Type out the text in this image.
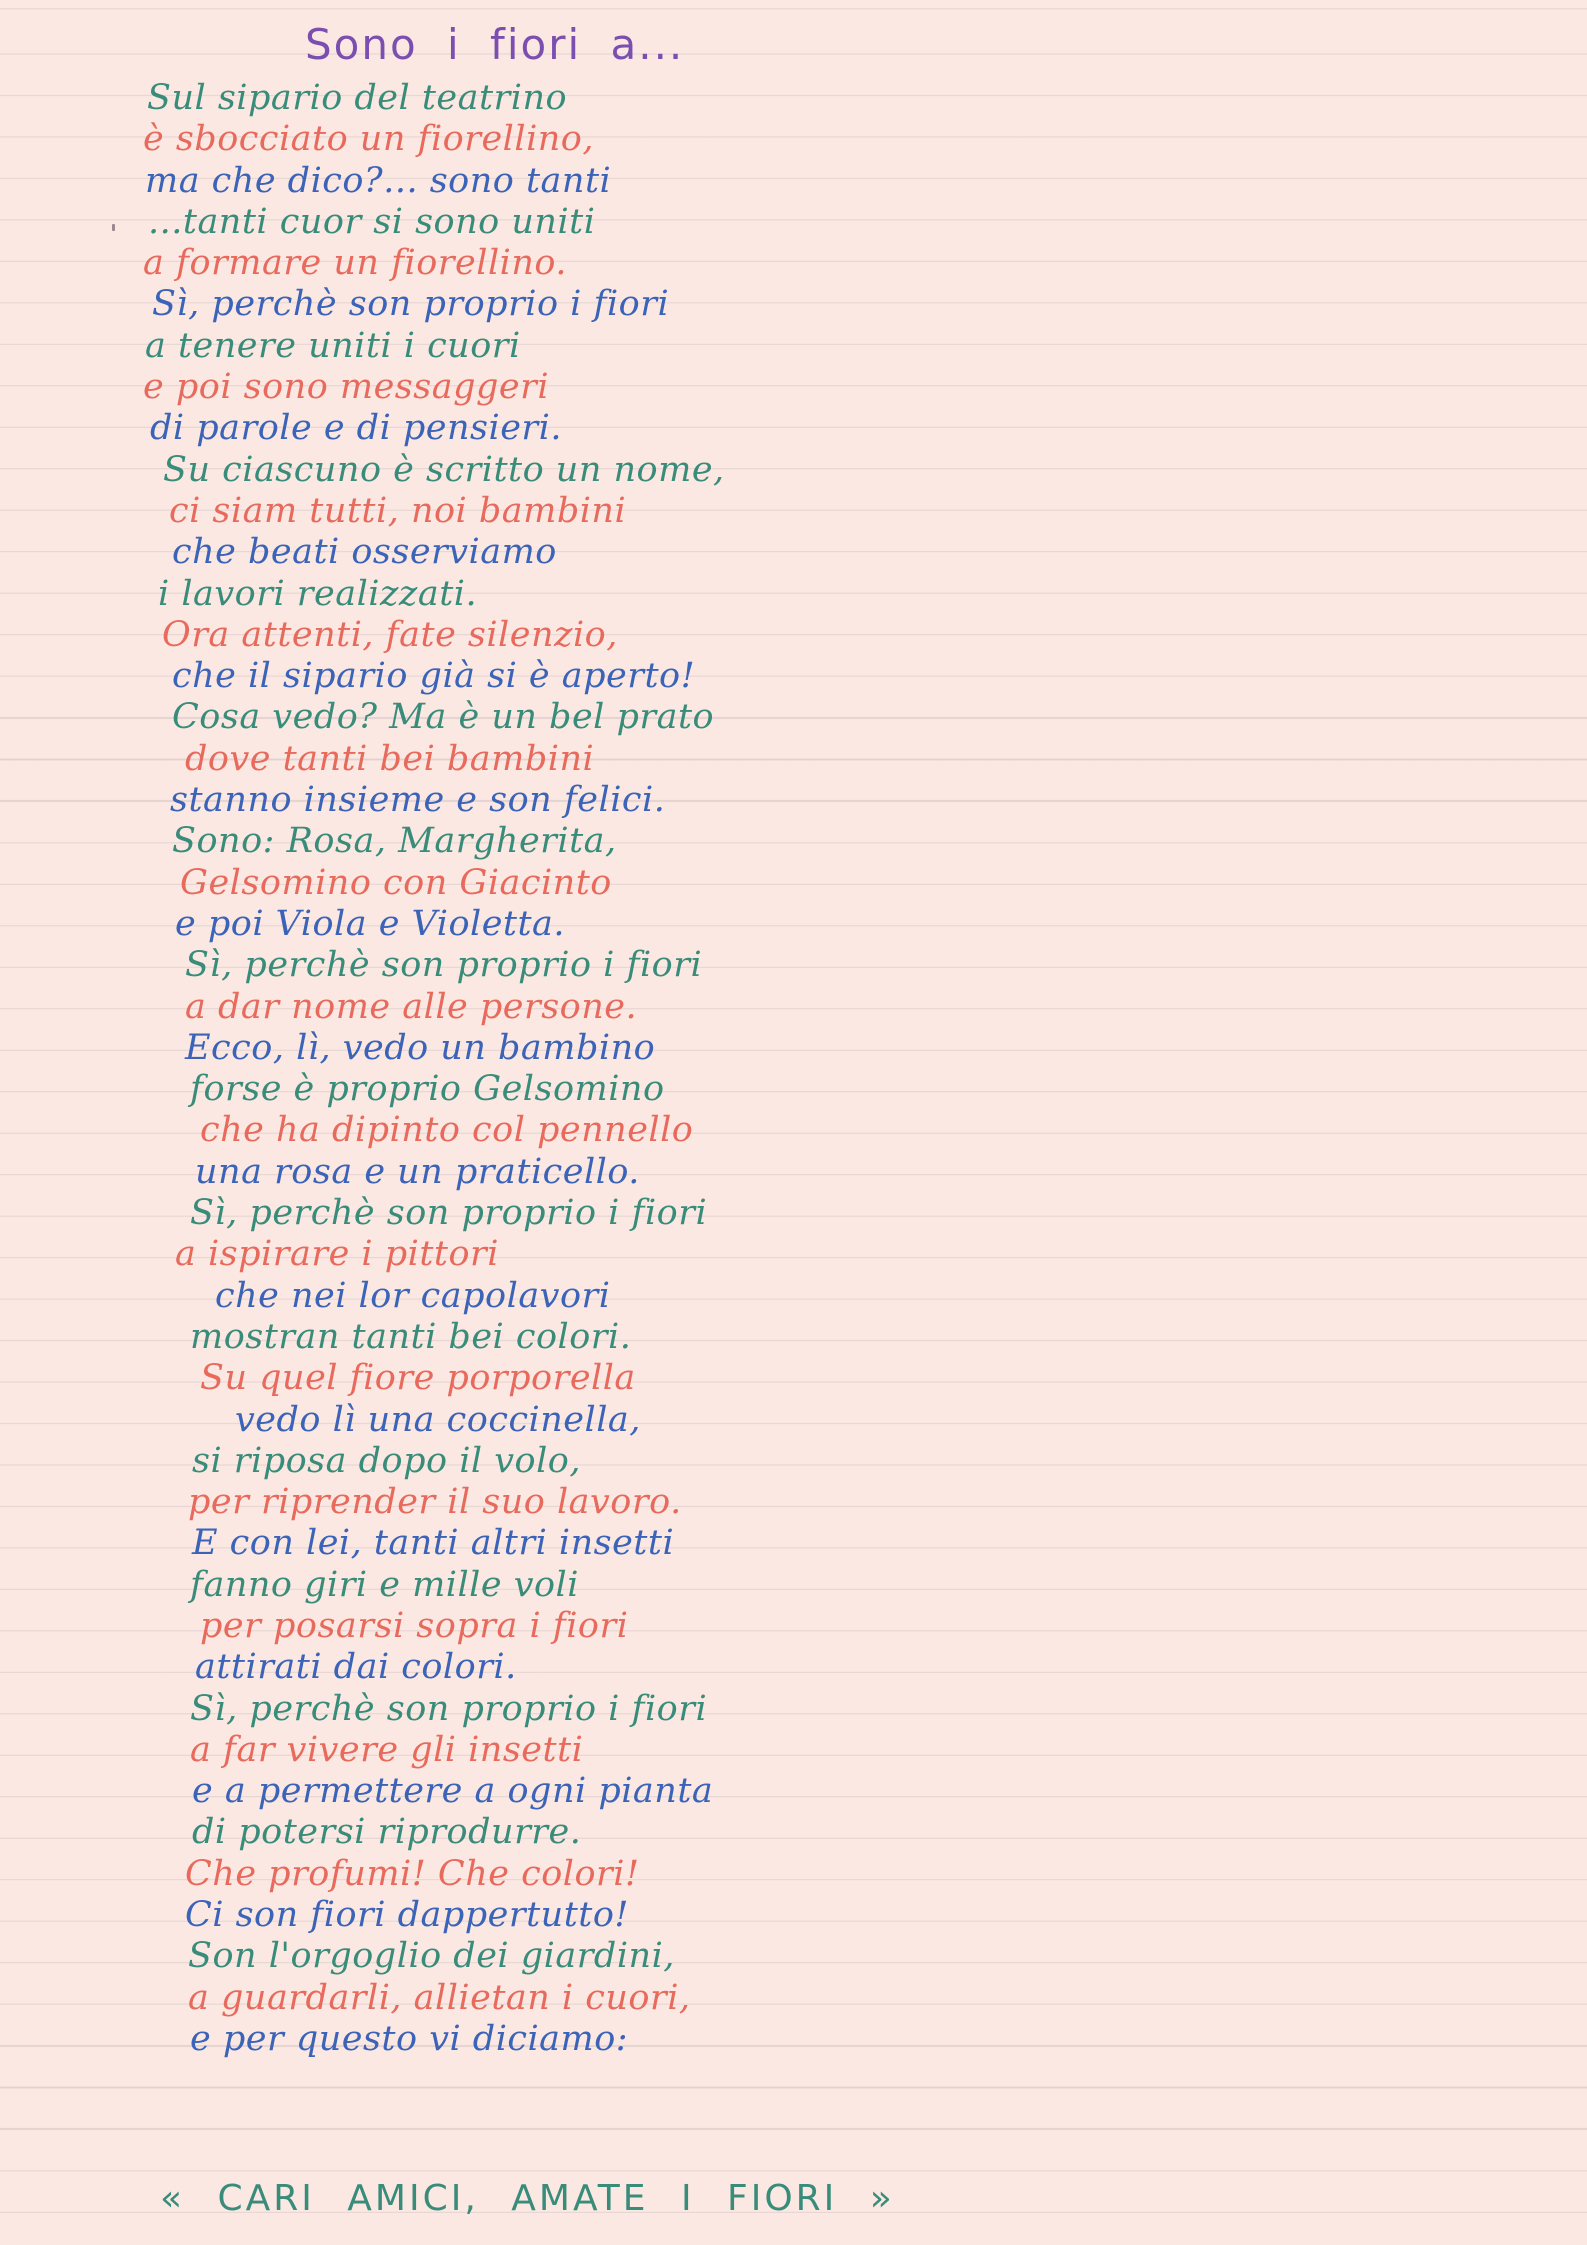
Sono i fiori a...
Sul sipario del teatrino
è sbocciato un fiorellino,
ma che dico?... sono tanti
...tanti cuor si sono uniti
a formare un fiorellino.
Sì, perchè son proprio i fiori
a tenere uniti i cuori
e poi sono messaggeri
di parole e di pensieri.
Su ciascuno è scritto un nome,
ci siam tutti, noi bambini
che beati osserviamo
i lavori realizzati.
Ora attenti, fate silenzio,
che il sipario già si è aperto!
Cosa vedo? Ma è un bel prato
dove tanti bei bambini
stanno insieme e son felici.
Sono: Rosa, Margherita,
Gelsomino con Giacinto
e poi Viola e Violetta.
Sì, perchè son proprio i fiori
a dar nome alle persone.
Ecco, lì, vedo un bambino
forse è proprio Gelsomino
che ha dipinto col pennello
una rosa e un praticello.
Sì, perchè son proprio i fiori
a ispirare i pittori
che nei lor capolavori
mostran tanti bei colori.
Su quel fiore porporella
vedo lì una coccinella,
si riposa dopo il volo,
per riprender il suo lavoro.
E con lei, tanti altri insetti
fanno giri e mille voli
per posarsi sopra i fiori
attirati dai colori.
Sì, perchè son proprio i fiori
a far vivere gli insetti
e a permettere a ogni pianta
di potersi riprodurre.
Che profumi! Che colori!
Ci son fiori dappertutto!
Son l'orgoglio dei giardini,
a guardarli, allietan i cuori,
e per questo vi diciamo:

« CARI AMICI, AMATE I FIORI »
